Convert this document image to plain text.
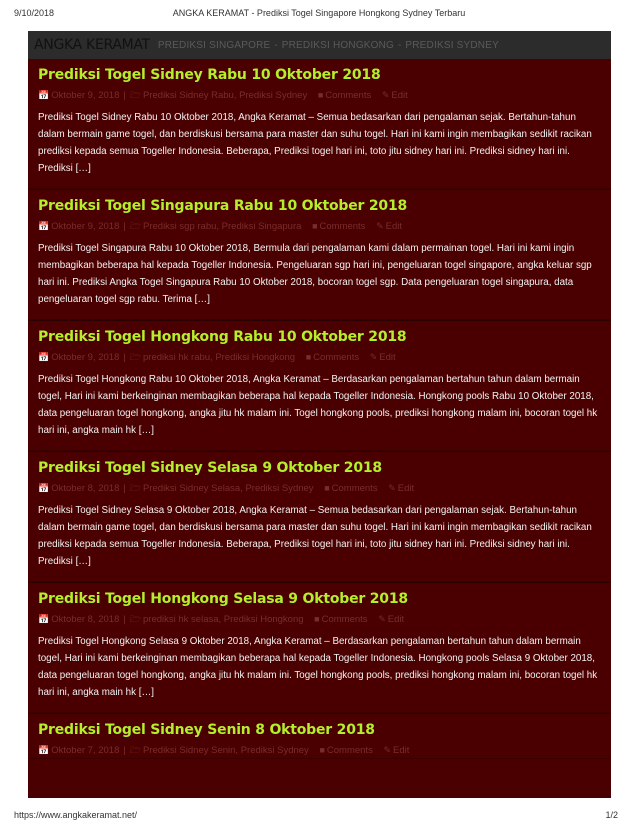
9/10/2018	ANGKA KERAMAT - Prediksi Togel Singapore Hongkong Sydney Terbaru
ANGKA KERAMAT PREDIKSI SINGAPORE - PREDIKSI HONGKONG - PREDIKSI SYDNEY
Prediksi Togel Sidney Rabu 10 Oktober 2018
📅 Oktober 9, 2018 | 🗁 Prediksi Sidney Rabu, Prediksi Sydney ■ Comments ✎ Edit

Prediksi Togel Sidney Rabu 10 Oktober 2018, Angka Keramat – Semua bedasarkan dari pengalaman sejak. Bertahun-tahun dalam bermain game togel, dan berdiskusi bersama para master dan suhu togel. Hari ini kami ingin membagikan sedikit racikan prediksi kepada semua Togeller Indonesia. Beberapa, Prediksi togel hari ini, toto jitu sidney hari ini. Prediksi sidney hari ini. Prediksi […]

Prediksi Togel Singapura Rabu 10 Oktober 2018
📅 Oktober 9, 2018 | 🗁 Prediksi sgp rabu, Prediksi Singapura ■ Comments ✎ Edit

Prediksi Togel Singapura Rabu 10 Oktober 2018, Bermula dari pengalaman kami dalam permainan togel. Hari ini kami ingin membagikan beberapa hal kepada Togeller Indonesia. Pengeluaran sgp hari ini, pengeluaran togel singapore, angka keluar sgp hari ini. Prediksi Angka Togel Singapura Rabu 10 Oktober 2018, bocoran togel sgp. Data pengeluaran togel singapura, data pengeluaran togel sgp rabu. Terima […]

Prediksi Togel Hongkong Rabu 10 Oktober 2018
📅 Oktober 9, 2018 | 🗁 prediksi hk rabu, Prediksi Hongkong ■ Comments ✎ Edit

Prediksi Togel Hongkong Rabu 10 Oktober 2018, Angka Keramat – Berdasarkan pengalaman bertahun tahun dalam bermain togel, Hari ini kami berkeinginan membagikan beberapa hal kepada Togeller Indonesia. Hongkong pools Rabu 10 Oktober 2018, data pengeluaran togel hongkong, angka jitu hk malam ini. Togel hongkong pools, prediksi hongkong malam ini, bocoran togel hk hari ini, angka main hk […]

Prediksi Togel Sidney Selasa 9 Oktober 2018
📅 Oktober 8, 2018 | 🗁 Prediksi Sidney Selasa, Prediksi Sydney ■ Comments ✎ Edit

Prediksi Togel Sidney Selasa 9 Oktober 2018, Angka Keramat – Semua bedasarkan dari pengalaman sejak. Bertahun-tahun dalam bermain game togel, dan berdiskusi bersama para master dan suhu togel. Hari ini kami ingin membagikan sedikit racikan prediksi kepada semua Togeller Indonesia. Beberapa, Prediksi togel hari ini, toto jitu sidney hari ini. Prediksi sidney hari ini. Prediksi […]

Prediksi Togel Hongkong Selasa 9 Oktober 2018
📅 Oktober 8, 2018 | 🗁 prediksi hk selasa, Prediksi Hongkong ■ Comments ✎ Edit

Prediksi Togel Hongkong Selasa 9 Oktober 2018, Angka Keramat – Berdasarkan pengalaman bertahun tahun dalam bermain togel, Hari ini kami berkeinginan membagikan beberapa hal kepada Togeller Indonesia. Hongkong pools Selasa 9 Oktober 2018, data pengeluaran togel hongkong, angka jitu hk malam ini. Togel hongkong pools, prediksi hongkong malam ini, bocoran togel hk hari ini, angka main hk […]

Prediksi Togel Sidney Senin 8 Oktober 2018
📅 Oktober 7, 2018 | 🗁 Prediksi Sidney Senin, Prediksi Sydney ■ Comments ✎ Edit
https://www.angkakeramat.net/	1/2
